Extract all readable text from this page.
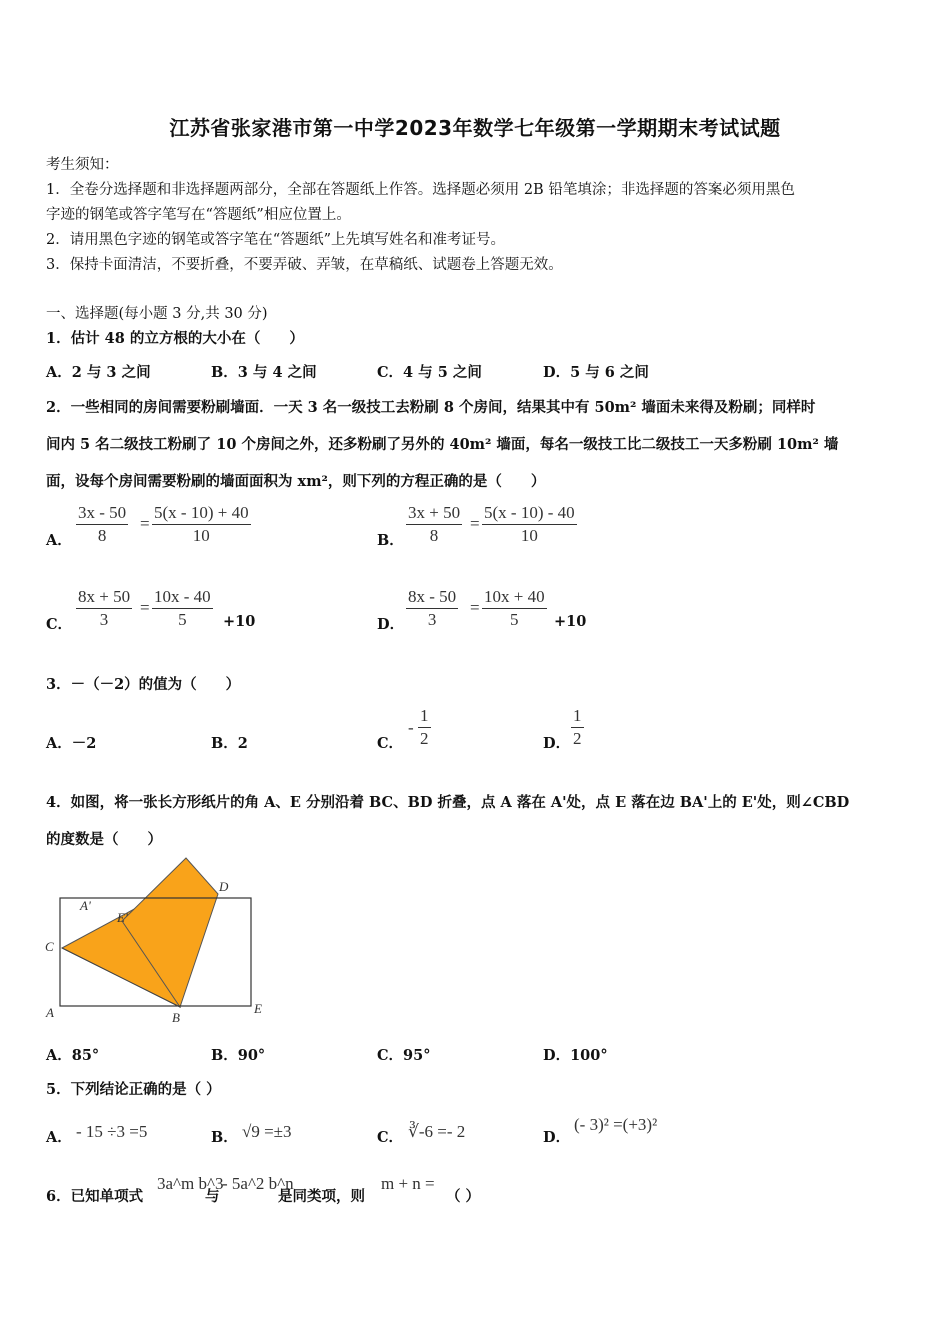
江苏省张家港市第一中学2023年数学七年级第一学期期末考试试题
考生须知：
1．全卷分选择题和非选择题两部分，全部在答题纸上作答。选择题必须用 2B 铅笔填涂；非选择题的答案必须用黑色
字迹的钢笔或答字笔写在“答题纸”相应位置上。
2．请用黑色字迹的钢笔或答字笔在“答题纸”上先填写姓名和准考证号。
3．保持卡面清洁，不要折叠，不要弄破、弄皱，在草稿纸、试题卷上答题无效。
一、选择题(每小题 3 分,共 30 分)
1．估计 48 的立方根的大小在（　　）
A．2 与 3 之间	B．3 与 4 之间	C．4 与 5 之间	D．5 与 6 之间
2．一些相同的房间需要粉刷墙面．一天 3 名一级技工去粉刷 8 个房间，结果其中有 50m² 墙面未来得及粉刷；同样时
间内 5 名二级技工粉刷了 10 个房间之外，还多粉刷了另外的 40m² 墙面，每名一级技工比二级技工一天多粉刷 10m² 墙
面，设每个房间需要粉刷的墙面面积为 xm²，则下列的方程正确的是（　　）
A． $\frac{3x - 50}{8} = \frac{5(x - 10) + 40}{10}$	B． $\frac{3x + 50}{8} = \frac{5(x - 10) - 40}{10}$
C． $\frac{8x + 50}{3} = \frac{10x - 40}{5} +10$	D． $\frac{8x - 50}{3} = \frac{10x + 40}{5} +10$
3．－（－2）的值为（　　）
A．－2	B．2	C．
- $\frac{1}{2}$	D． $\frac{1}{2}$
4．如图，将一张长方形纸片的角 A、E 分别沿着 BC、BD 折叠，点 A 落在 A'处，点 E 落在边 BA'上的 E'处，则∠CBD
的度数是（　　）
A'
E'
C
D
A	B
E
A．85°	B．90°	C．95°	D．100°
5．下列结论正确的是（ ）
A． - 15 ÷3 =5	B． √9 =±3	C． ∛-6 =- 2	D．
(- 3)² =(+3)²
6．已知单项式
3a^m b^3
与
- 5a^2 b^n
是同类项，则
m + n =
（ ）
